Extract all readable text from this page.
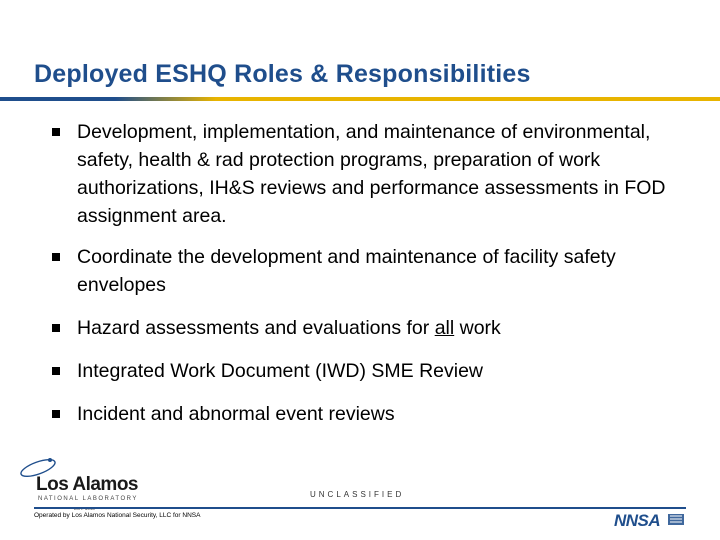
Deployed ESHQ Roles & Responsibilities
Development, implementation, and maintenance of environmental, safety, health & rad protection programs, preparation of work authorizations, IH&S reviews and performance assessments in FOD assignment area.
Coordinate the development and maintenance of facility safety envelopes
Hazard assessments and evaluations for all work
Integrated Work Document (IWD) SME Review
Incident and abnormal event reviews
Los Alamos
NATIONAL LABORATORY	UNCLASSIFIED
Operated by Los Alamos National Security, LLC for NNSA	NNSA
